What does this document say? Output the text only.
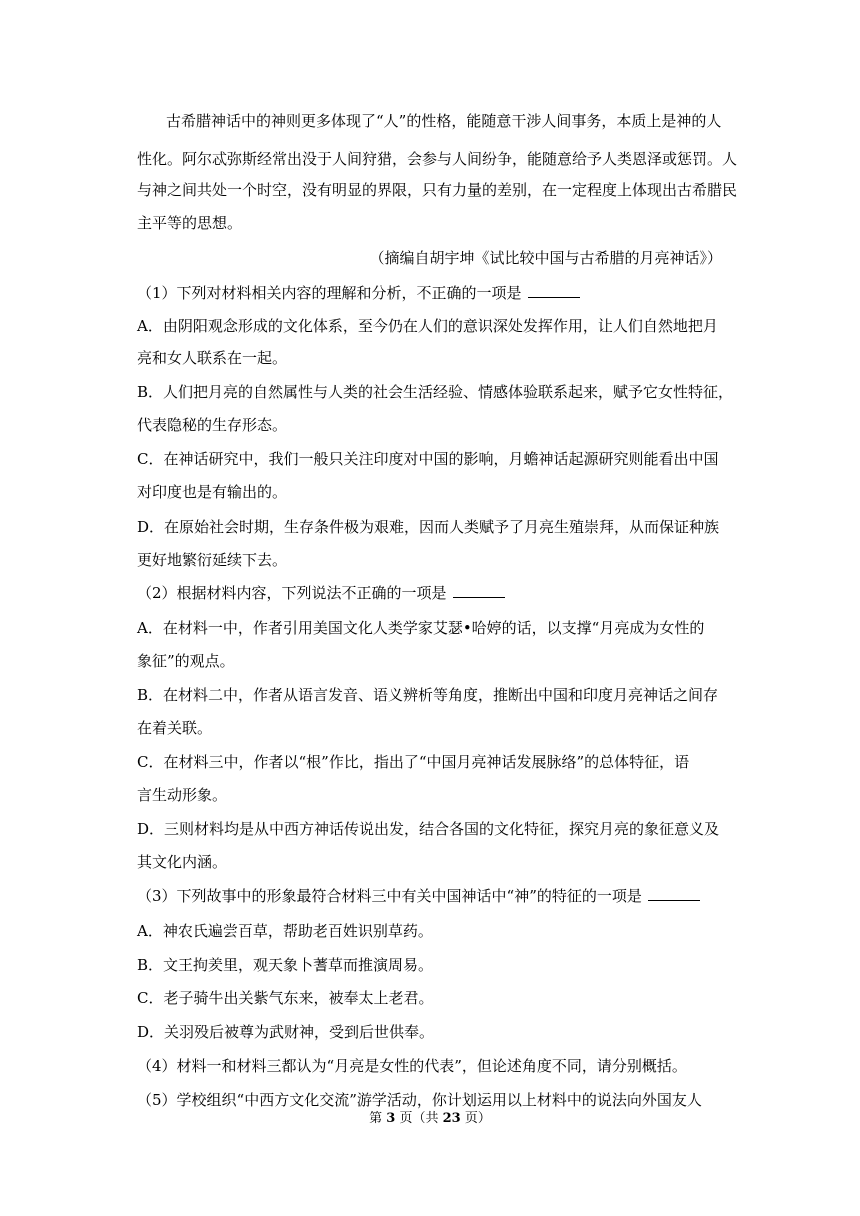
古希腊神话中的神则更多体现了“人”的性格，能随意干涉人间事务，本质上是神的人
性化。阿尔忒弥斯经常出没于人间狩猎，会参与人间纷争，能随意给予人类恩泽或惩罚。人
与神之间共处一个时空，没有明显的界限，只有力量的差别，在一定程度上体现出古希腊民
主平等的思想。
（摘编自胡宇坤《试比较中国与古希腊的月亮神话》）
（1）下列对材料相关内容的理解和分析，不正确的一项是
A．由阴阳观念形成的文化体系，至今仍在人们的意识深处发挥作用，让人们自然地把月
亮和女人联系在一起。
B．人们把月亮的自然属性与人类的社会生活经验、情感体验联系起来，赋予它女性特征，
代表隐秘的生存形态。
C．在神话研究中，我们一般只关注印度对中国的影响，月蟾神话起源研究则能看出中国
对印度也是有输出的。
D．在原始社会时期，生存条件极为艰难，因而人类赋予了月亮生殖崇拜，从而保证种族
更好地繁衍延续下去。
（2）根据材料内容，下列说法不正确的一项是
A．在材料一中，作者引用美国文化人类学家艾瑟•哈婷的话，以支撑“月亮成为女性的
象征”的观点。
B．在材料二中，作者从语言发音、语义辨析等角度，推断出中国和印度月亮神话之间存
在着关联。
C．在材料三中，作者以“根”作比，指出了“中国月亮神话发展脉络”的总体特征，语
言生动形象。
D．三则材料均是从中西方神话传说出发，结合各国的文化特征，探究月亮的象征意义及
其文化内涵。
（3）下列故事中的形象最符合材料三中有关中国神话中“神”的特征的一项是
A．神农氏遍尝百草，帮助老百姓识别草药。
B．文王拘羑里，观天象卜蓍草而推演周易。
C．老子骑牛出关紫气东来，被奉太上老君。
D．关羽殁后被尊为武财神，受到后世供奉。
（4）材料一和材料三都认为“月亮是女性的代表”，但论述角度不同，请分别概括。
（5）学校组织“中西方文化交流”游学活动，你计划运用以上材料中的说法向外国友人
第 3 页（共 23 页）
